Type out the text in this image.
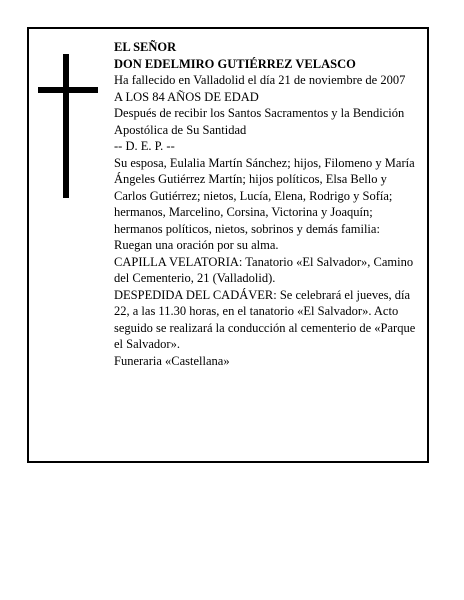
EL SEÑOR

DON EDELMIRO GUTIÉRREZ VELASCO

Ha fallecido en Valladolid el día 21 de noviembre de 2007

A LOS 84 AÑOS DE EDAD

Después de recibir los Santos Sacramentos y la Bendición Apostólica de Su Santidad

-- D. E. P. --

Su esposa, Eulalia Martín Sánchez; hijos, Filomeno y María Ángeles Gutiérrez Martín; hijos políticos, Elsa Bello y Carlos Gutiérrez; nietos, Lucía, Elena, Rodrigo y Sofía; hermanos, Marcelino, Corsina, Victorina y Joaquín; hermanos políticos, nietos, sobrinos y demás familia:

Ruegan una oración por su alma.

CAPILLA VELATORIA: Tanatorio «El Salvador», Camino del Cementerio, 21 (Valladolid).

DESPEDIDA DEL CADÁVER: Se celebrará el jueves, día 22, a las 11.30 horas, en el tanatorio «El Salvador». Acto seguido se realizará la conducción al cementerio de «Parque el Salvador».

Funeraria «Castellana»
